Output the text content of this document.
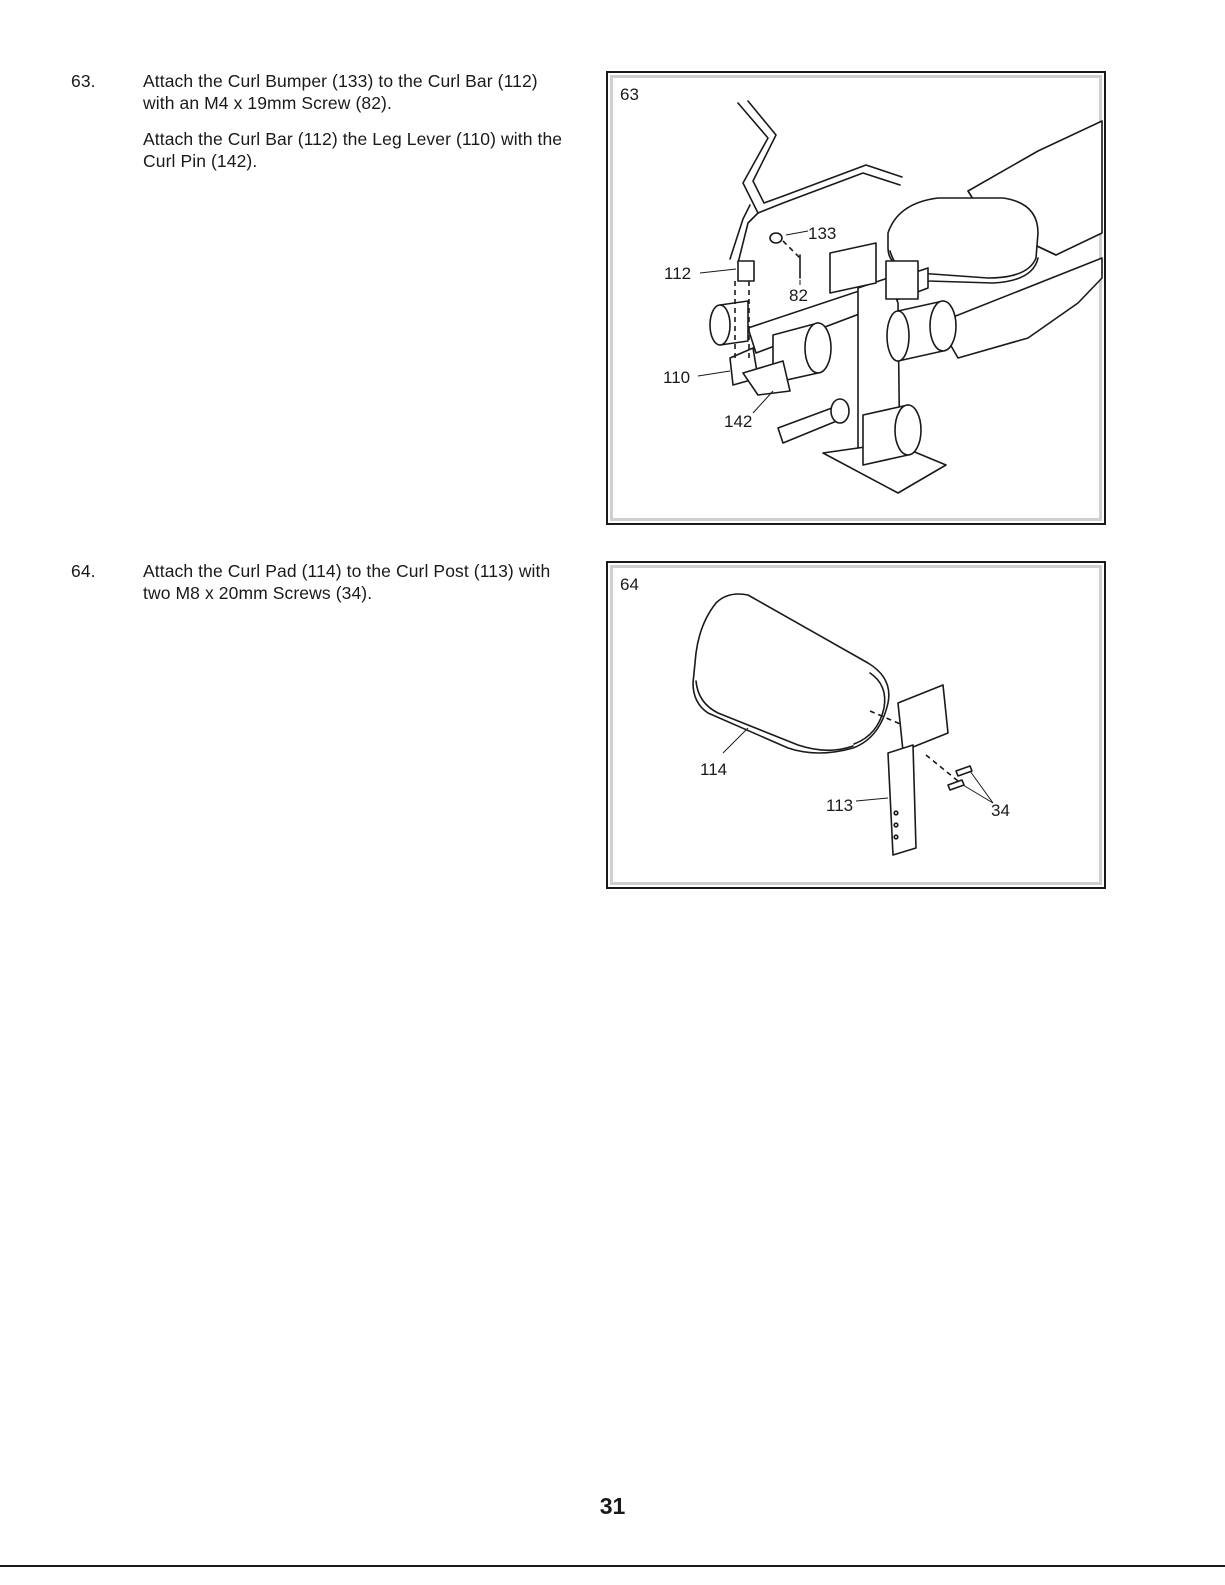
63.	Attach the Curl Bumper (133) to the Curl Bar (112) with an M4 x 19mm Screw (82).

Attach the Curl Bar (112) the Leg Lever (110) with the Curl Pin (142).

63
112
133
82
110
142

64.	Attach the Curl Pad (114) to the Curl Post (113) with two M8 x 20mm Screws (34).	64
114
113	34
31
